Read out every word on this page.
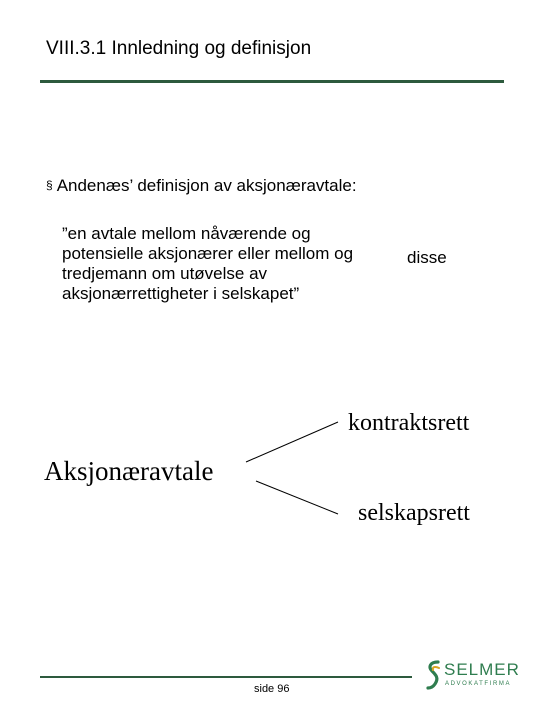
VIII.3.1 Innledning og definisjon
§ Andenæs’ definisjon av aksjonæravtale:
”en avtale mellom nåværende og potensielle aksjonærer eller mellom og tredjemann om utøvelse av aksjonærrettigheter i selskapet”
disse
kontraktsrett
Aksjonæravtale
selskapsrett
side 96
SELMER
ADVOKATFIRMA
